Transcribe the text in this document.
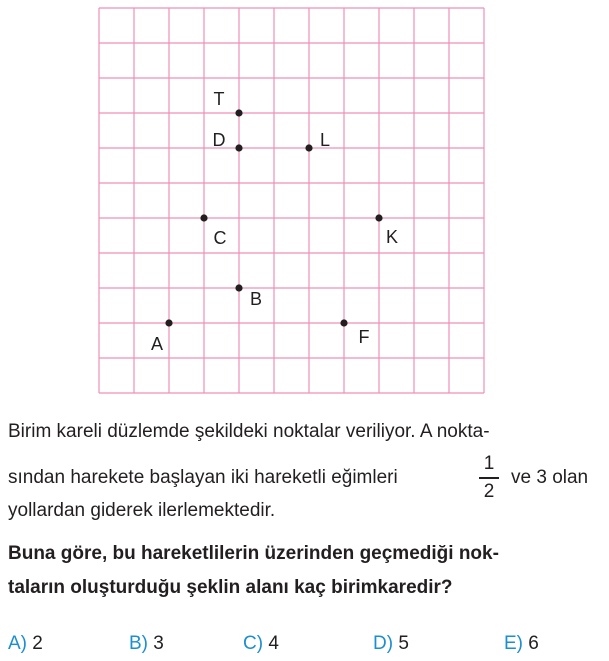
T
D	L
C	K
B
A	F
Birim kareli düzlemde şekildeki noktalar veriliyor. A nokta-
sından harekete başlayan iki hareketli eğimleri
1
2
ve 3 olan
yollardan giderek ilerlemektedir.
Buna göre, bu hareketlilerin üzerinden geçmediği nok-
taların oluşturduğu şeklin alanı kaç birimkaredir?
A) 2	B) 3	C) 4	D) 5	E) 6
